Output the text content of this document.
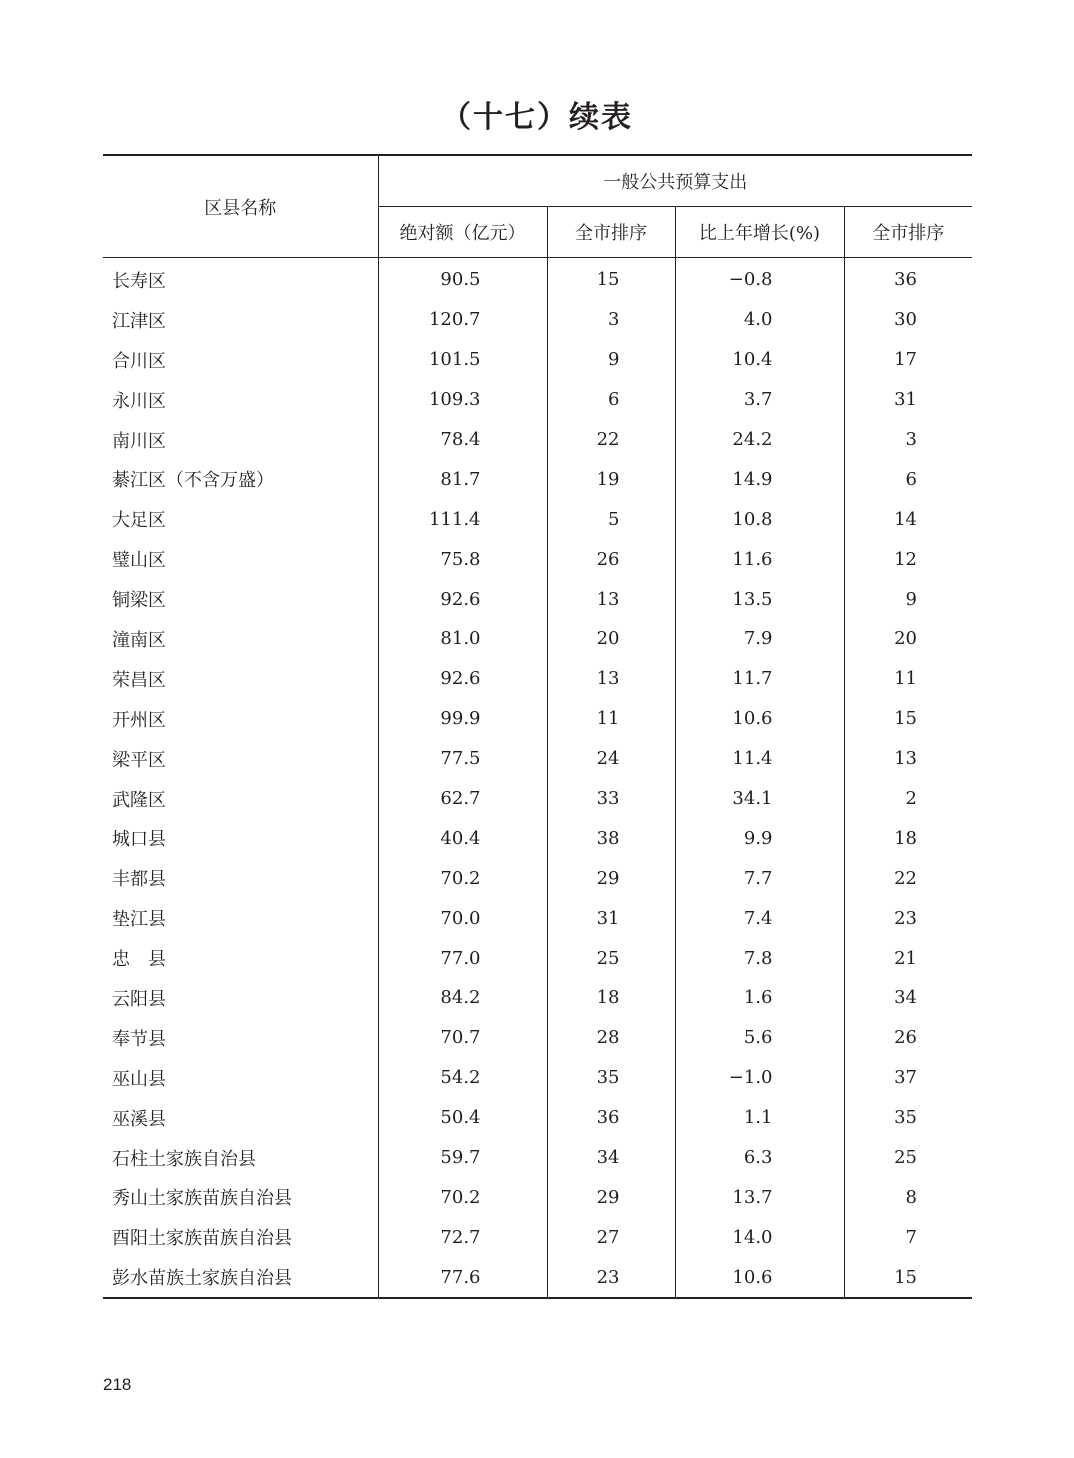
（十七）续表
区县名称	一般公共预算支出			
	绝对额（亿元）	全市排序	比上年增长(%)	全市排序
长寿区	90.5	15	−0.8	36
江津区	120.7	3	4.0	30
合川区	101.5	9	10.4	17
永川区	109.3	6	3.7	31
南川区	78.4	22	24.2	3
綦江区（不含万盛）	81.7	19	14.9	6
大足区	111.4	5	10.8	14
璧山区	75.8	26	11.6	12
铜梁区	92.6	13	13.5	9
潼南区	81.0	20	7.9	20
荣昌区	92.6	13	11.7	11
开州区	99.9	11	10.6	15
梁平区	77.5	24	11.4	13
武隆区	62.7	33	34.1	2
城口县	40.4	38	9.9	18
丰都县	70.2	29	7.7	22
垫江县	70.0	31	7.4	23
忠　县	77.0	25	7.8	21
云阳县	84.2	18	1.6	34
奉节县	70.7	28	5.6	26
巫山县	54.2	35	−1.0	37
巫溪县	50.4	36	1.1	35
石柱土家族自治县	59.7	34	6.3	25
秀山土家族苗族自治县	70.2	29	13.7	8
酉阳土家族苗族自治县	72.7	27	14.0	7
彭水苗族土家族自治县	77.6	23	10.6	15
218
